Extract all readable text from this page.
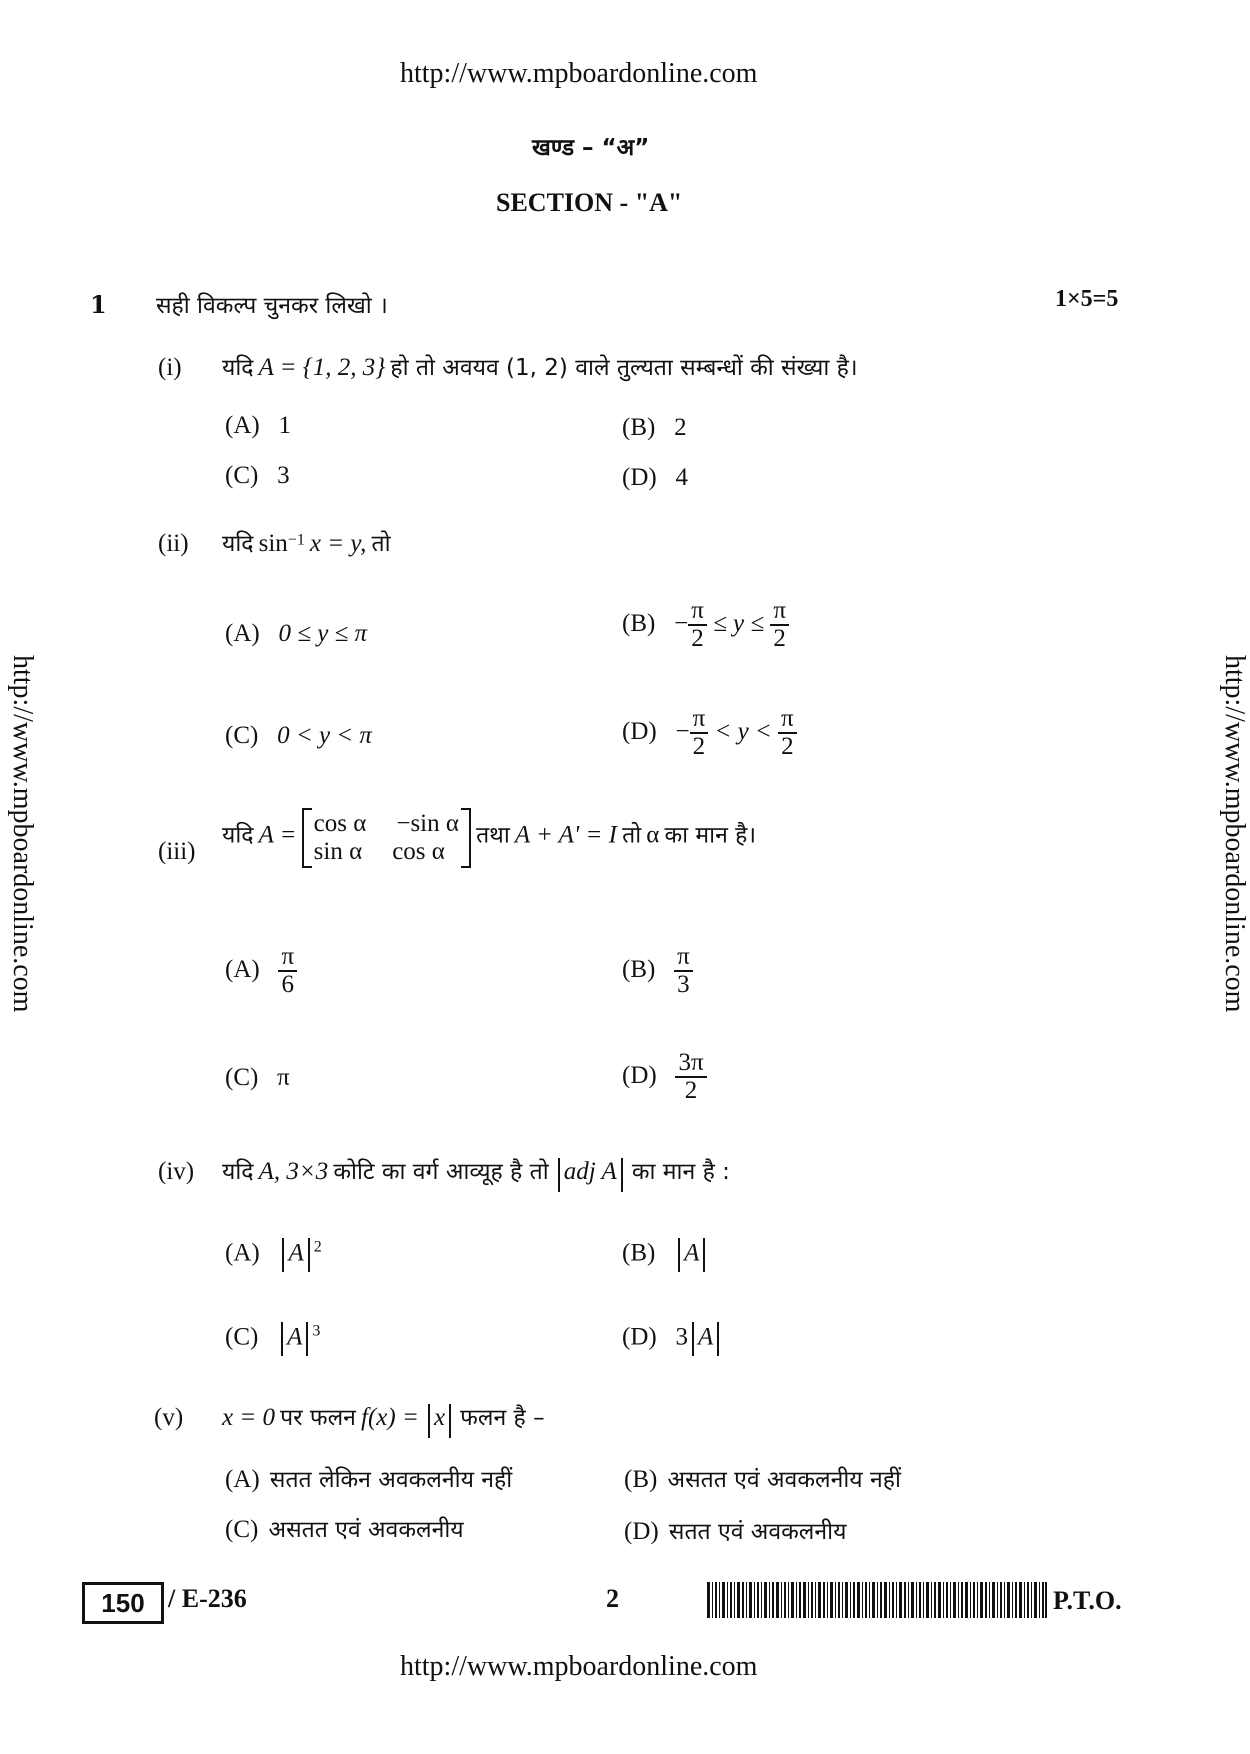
http://www.mpboardonline.com
http://www.mpboardonline.com	http://www.mpboardonline.com
खण्ड – “अ”
SECTION - "A"
1 सही विकल्प चुनकर लिखो ।	1×5=5
(i) यदि A = {1, 2, 3} हो तो अवयव (1, 2) वाले तुल्यता सम्बन्धों की संख्या है।
(A) 1	(B) 2
(C) 3	(D) 4
(ii) यदि $\sin^{-1} x = y$, तो
(A) 0 ≤ y ≤ π	$(B) - \frac{\pi}{2} \le y \le \frac{\pi}{2}$
(C) 0 < y < π	$(D) - \frac{\pi}{2} < y < \frac{\pi}{2}$
(iii)
यदि A = cos α −sin α
sin α cos α
तथा A + A' = I तो α का मान है।
$(A) \frac{\pi}{6}$	$(B) \frac{\pi}{3}$
(C) π	$(D) \frac{3\pi}{2}$
(iv) यदि A, 3×3 कोटि का वर्ग आव्यूह है तो adj A का मान है :
(A) A $^2$	(B) A
(C) A $^3$	(D) 3 A
(v) x = 0 पर फलन f(x) = x फलन है –
(A) सतत लेकिन अवकलनीय नहीं	(B) असतत एवं अवकलनीय नहीं
(C) असतत एवं अवकलनीय	(D) सतत एवं अवकलनीय
150 / E-236	2	P.T.O.
http://www.mpboardonline.com
